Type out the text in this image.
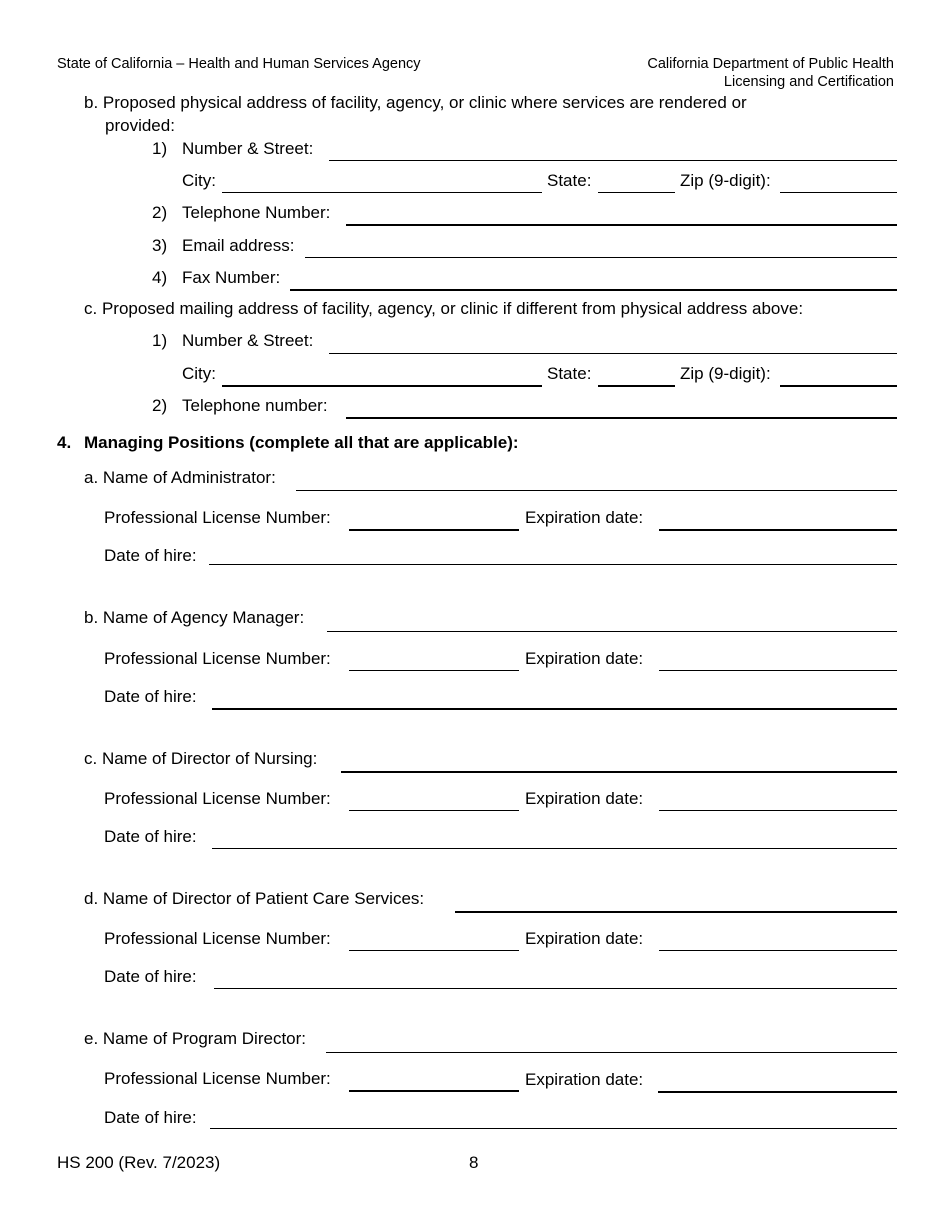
State of California – Health and Human Services Agency	California Department of Public Health
Licensing and Certification
b. Proposed physical address of facility, agency, or clinic where services are rendered or
provided:
1) Number & Street:
City:	State:	Zip (9-digit):
2) Telephone Number:
3) Email address:
4) Fax Number:
c. Proposed mailing address of facility, agency, or clinic if different from physical address above:
1) Number & Street:
City:	State:	Zip (9-digit):
2) Telephone number:
4. Managing Positions (complete all that are applicable):
a. Name of Administrator:
Professional License Number:	Expiration date:
Date of hire:
b. Name of Agency Manager:
Professional License Number:	Expiration date:
Date of hire:
c. Name of Director of Nursing:
Professional License Number:	Expiration date:
Date of hire:
d. Name of Director of Patient Care Services:
Professional License Number:	Expiration date:
Date of hire:
e. Name of Program Director:
Professional License Number:	Expiration date:
Date of hire:
HS 200 (Rev. 7/2023)	8
